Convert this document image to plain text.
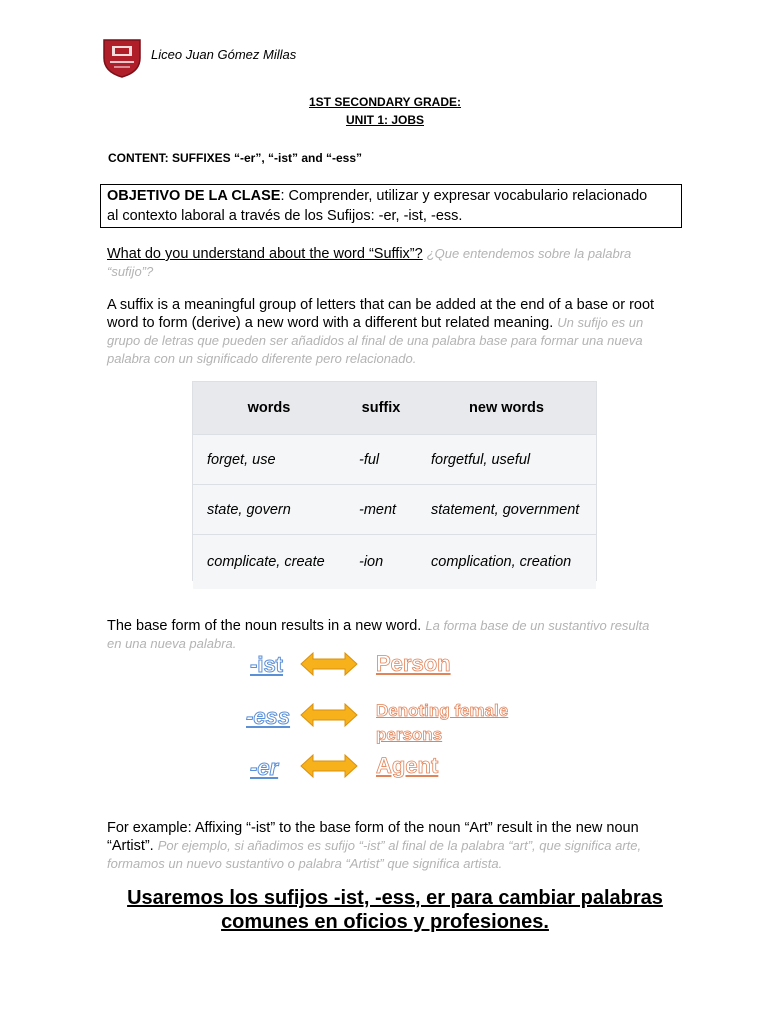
Liceo Juan Gómez Millas
1ST SECONDARY GRADE:
UNIT 1: JOBS
CONTENT: SUFFIXES “-er”, “-ist” and “-ess”
OBJETIVO DE LA CLASE: Comprender, utilizar y expresar vocabulario relacionado
al contexto laboral a través de los Sufijos: -er, -ist, -ess.
What do you understand about the word “Suffix”? ¿Que entendemos sobre la palabra
“sufijo”?
A suffix is a meaningful group of letters that can be added at the end of a base or root
word to form (derive) a new word with a different but related meaning. Un sufijo es un
grupo de letras que pueden ser añadidos al final de una palabra base para formar una nueva
palabra con un significado diferente pero relacionado.
words	suffix	new words
forget, use	-ful	forgetful, useful
state, govern	-ment	statement, government
complicate, create	-ion	complication, creation
The base form of the noun results in a new word. La forma base de un sustantivo resulta
en una nueva palabra.
-ist	Person
-ess	Denoting female
persons
-er	Agent
For example: Affixing “-ist” to the base form of the noun “Art” result in the new noun
“Artist”. Por ejemplo, si añadimos es sufijo “-ist” al final de la palabra “art”, que significa arte,
formamos un nuevo sustantivo o palabra “Artist” que significa artista.
Usaremos los sufijos -ist, -ess, er para cambiar palabras
comunes en oficios y profesiones.
